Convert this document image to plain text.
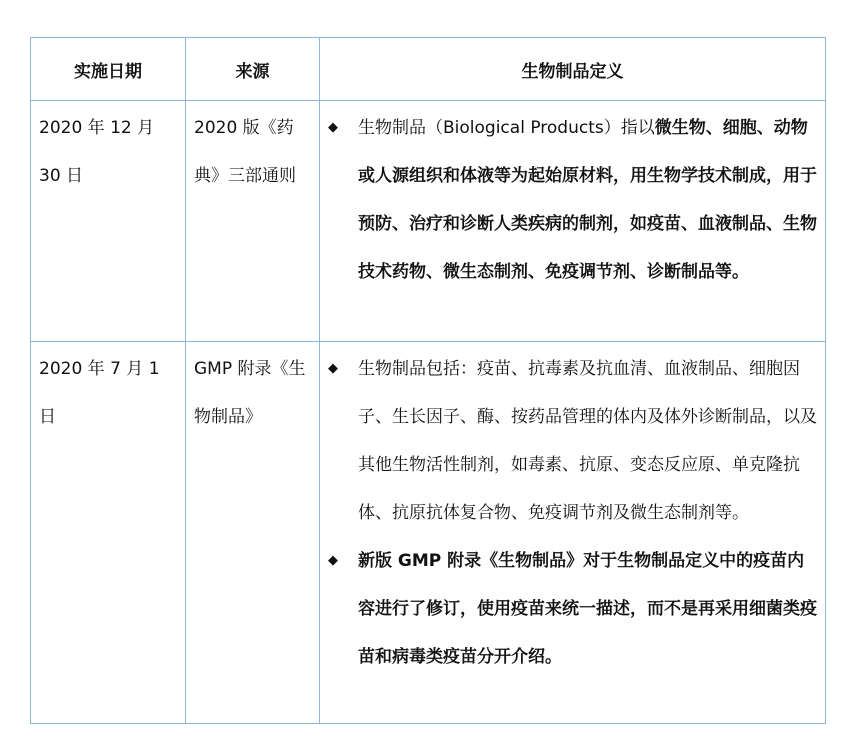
实施日期	来源	生物制品定义
2020 年 12 月 30 日	2020 版《药典》三部通则	◆ 生物制品（Biological Products）指以微生物、细胞、动物或人源组织和体液等为起始原材料，用生物学技术制成，用于预防、治疗和诊断人类疾病的制剂，如疫苗、血液制品、生物技术药物、微生态制剂、免疫调节剂、诊断制品等。

2020 年 7 月 1 日	GMP 附录《生物制品》	◆ 生物制品包括：疫苗、抗毒素及抗血清、血液制品、细胞因子、生长因子、酶、按药品管理的体内及体外诊断制品，以及其他生物活性制剂，如毒素、抗原、变态反应原、单克隆抗体、抗原抗体复合物、免疫调节剂及微生态制剂等。
◆ 新版 GMP 附录《生物制品》对于生物制品定义中的疫苗内容进行了修订，使用疫苗来统一描述，而不是再采用细菌类疫苗和病毒类疫苗分开介绍。
